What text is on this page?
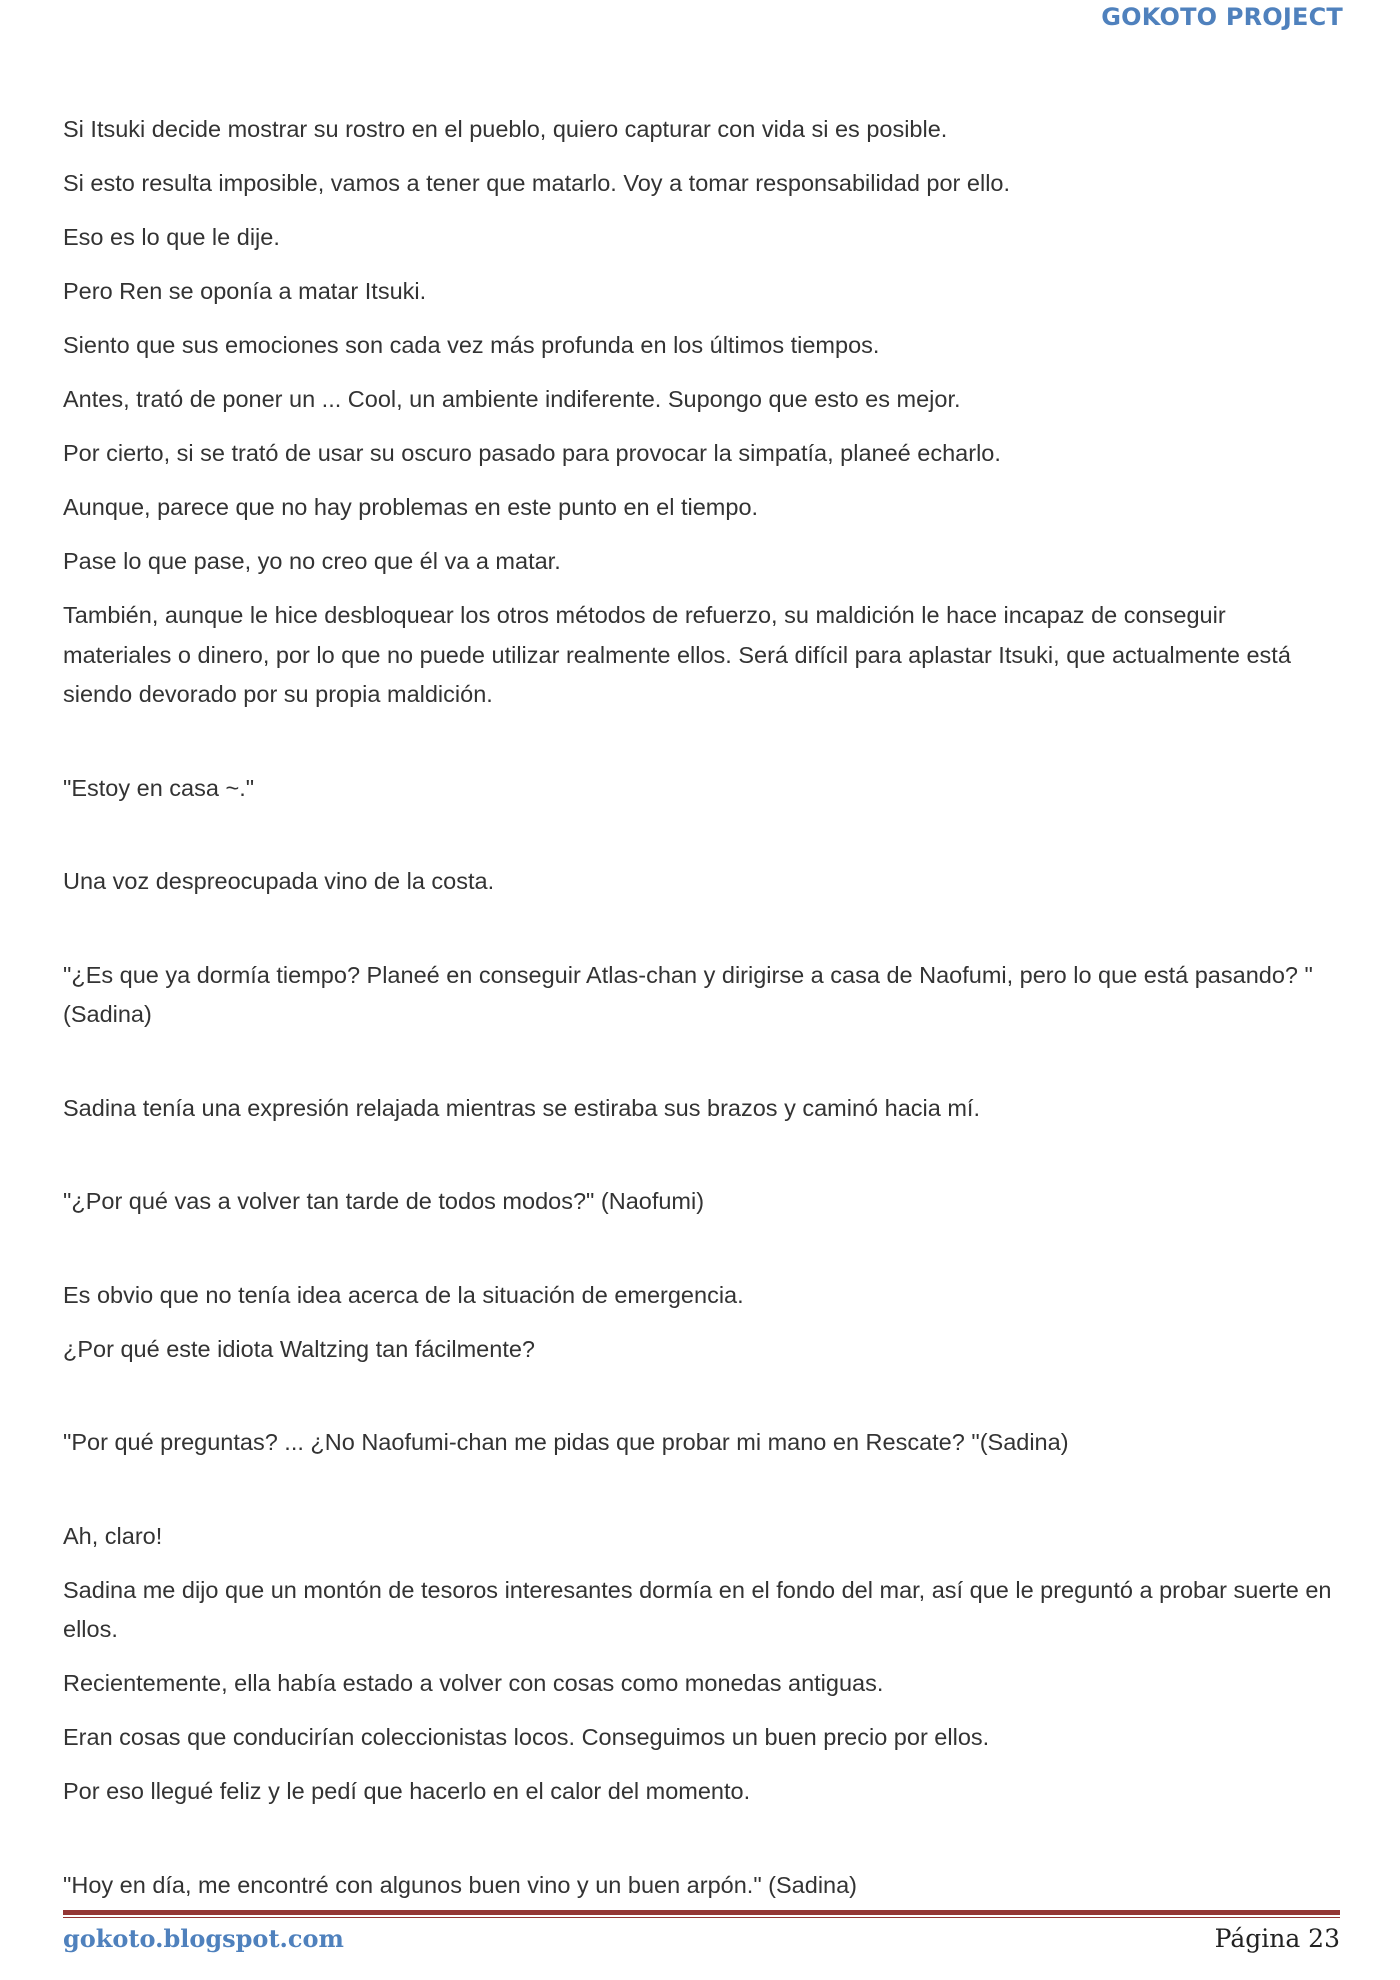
GOKOTO PROJECT

Si Itsuki decide mostrar su rostro en el pueblo, quiero capturar con vida si es posible.

Si esto resulta imposible, vamos a tener que matarlo. Voy a tomar responsabilidad por ello.

Eso es lo que le dije.

Pero Ren se oponía a matar Itsuki.

Siento que sus emociones son cada vez más profunda en los últimos tiempos.

Antes, trató de poner un ... Cool, un ambiente indiferente. Supongo que esto es mejor.

Por cierto, si se trató de usar su oscuro pasado para provocar la simpatía, planeé echarlo.

Aunque, parece que no hay problemas en este punto en el tiempo.

Pase lo que pase, yo no creo que él va a matar.

También, aunque le hice desbloquear los otros métodos de refuerzo, su maldición le hace incapaz de conseguir materiales o dinero, por lo que no puede utilizar realmente ellos. Será difícil para aplastar Itsuki, que actualmente está siendo devorado por su propia maldición.

"Estoy en casa ~."

Una voz despreocupada vino de la costa.

"¿Es que ya dormía tiempo? Planeé en conseguir Atlas-chan y dirigirse a casa de Naofumi, pero lo que está pasando? "(Sadina)

Sadina tenía una expresión relajada mientras se estiraba sus brazos y caminó hacia mí.

"¿Por qué vas a volver tan tarde de todos modos?" (Naofumi)

Es obvio que no tenía idea acerca de la situación de emergencia.

¿Por qué este idiota Waltzing tan fácilmente?

"Por qué preguntas? ... ¿No Naofumi-chan me pidas que probar mi mano en Rescate? "(Sadina)

Ah, claro!

Sadina me dijo que un montón de tesoros interesantes dormía en el fondo del mar, así que le preguntó a probar suerte en ellos.

Recientemente, ella había estado a volver con cosas como monedas antiguas.

Eran cosas que conducirían coleccionistas locos. Conseguimos un buen precio por ellos.

Por eso llegué feliz y le pedí que hacerlo en el calor del momento.

"Hoy en día, me encontré con algunos buen vino y un buen arpón." (Sadina)

gokoto.blogspot.com	Página 23
